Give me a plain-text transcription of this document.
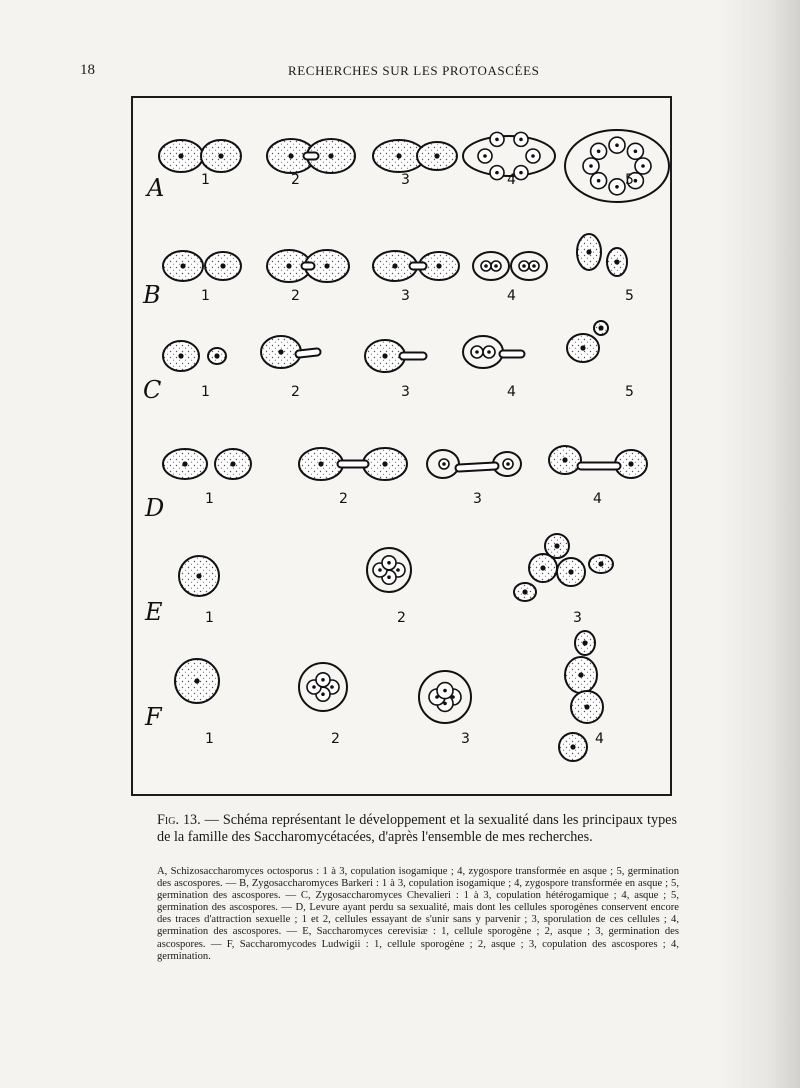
18	RECHERCHES SUR LES PROTOASCÉES
A	1	2	3	4	5
B	1	2	3	4	5
C	1	2	3	4	5
D	1	2	3	4
E	1	2	3
F
1	2	3	4
Fig. 13. — Schéma représentant le développement et la sexualité dans les principaux types de la famille des Saccharomycétacées, d'après l'ensemble de mes recherches.
A, Schizosaccharomyces octosporus : 1 à 3, copulation isogamique ; 4, zygospore transformée en asque ; 5, germination des ascospores. — B, Zygosaccharomyces Barkeri : 1 à 3, copulation isogamique ; 4, zygospore transformée en asque ; 5, germination des ascospores. — C, Zygosaccharomyces Chevalieri : 1 à 3, copulation hétérogamique ; 4, asque ; 5, germination des ascospores. — D, Levure ayant perdu sa sexualité, mais dont les cellules sporogènes conservent encore des traces d'attraction sexuelle ; 1 et 2, cellules essayant de s'unir sans y parvenir ; 3, sporulation de ces cellules ; 4, germination des ascospores. — E, Saccharomyces cerevisiæ : 1, cellule sporogène ; 2, asque ; 3, germination des ascospores. — F, Saccharomycodes Ludwigii : 1, cellule sporogène ; 2, asque ; 3, copulation des ascospores ; 4, germination.
